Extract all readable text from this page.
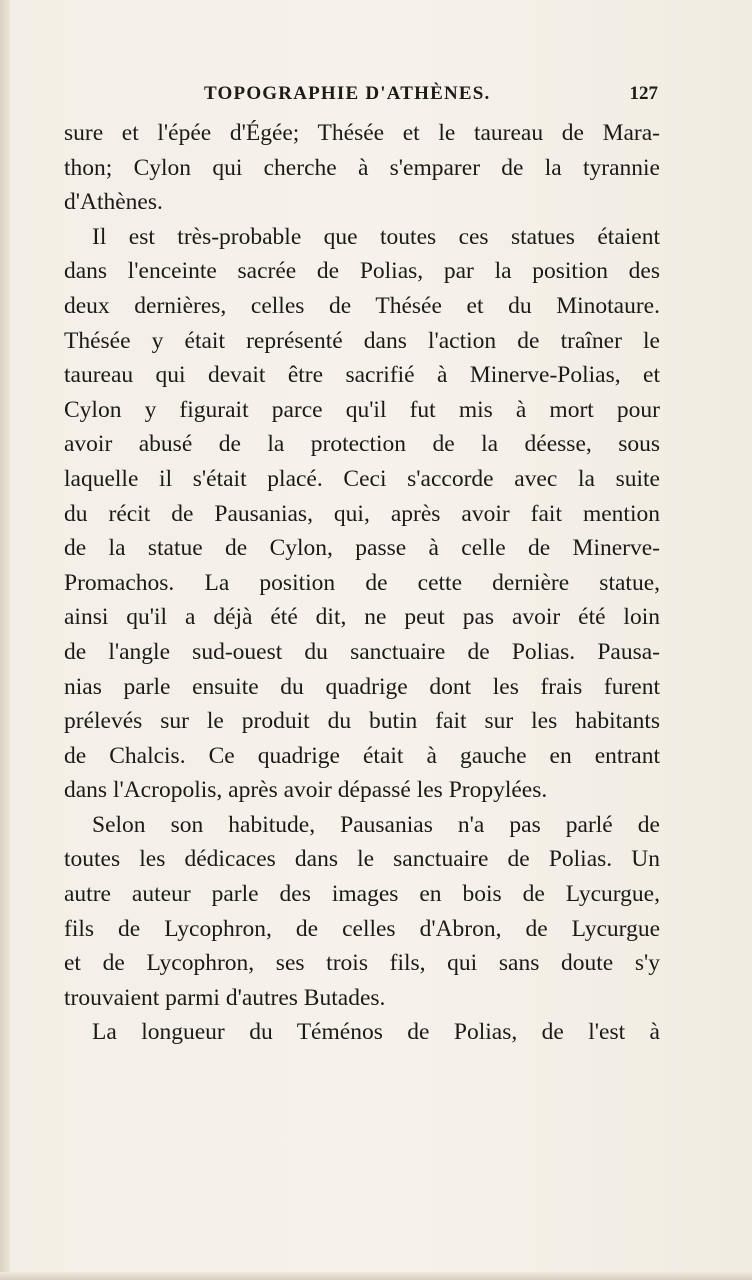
TOPOGRAPHIE D'ATHÈNES.	127
sure et l'épée d'Égée; Thésée et le taureau de Mara-
thon; Cylon qui cherche à s'emparer de la tyrannie
d'Athènes.
Il est très-probable que toutes ces statues étaient
dans l'enceinte sacrée de Polias, par la position des
deux dernières, celles de Thésée et du Minotaure.
Thésée y était représenté dans l'action de traîner le
taureau qui devait être sacrifié à Minerve-Polias, et
Cylon y figurait parce qu'il fut mis à mort pour
avoir abusé de la protection de la déesse, sous
laquelle il s'était placé. Ceci s'accorde avec la suite
du récit de Pausanias, qui, après avoir fait mention
de la statue de Cylon, passe à celle de Minerve-
Promachos. La position de cette dernière statue,
ainsi qu'il a déjà été dit, ne peut pas avoir été loin
de l'angle sud-ouest du sanctuaire de Polias. Pausa-
nias parle ensuite du quadrige dont les frais furent
prélevés sur le produit du butin fait sur les habitants
de Chalcis. Ce quadrige était à gauche en entrant
dans l'Acropolis, après avoir dépassé les Propylées.
Selon son habitude, Pausanias n'a pas parlé de
toutes les dédicaces dans le sanctuaire de Polias. Un
autre auteur parle des images en bois de Lycurgue,
fils de Lycophron, de celles d'Abron, de Lycurgue
et de Lycophron, ses trois fils, qui sans doute s'y
trouvaient parmi d'autres Butades.
La longueur du Téménos de Polias, de l'est à
